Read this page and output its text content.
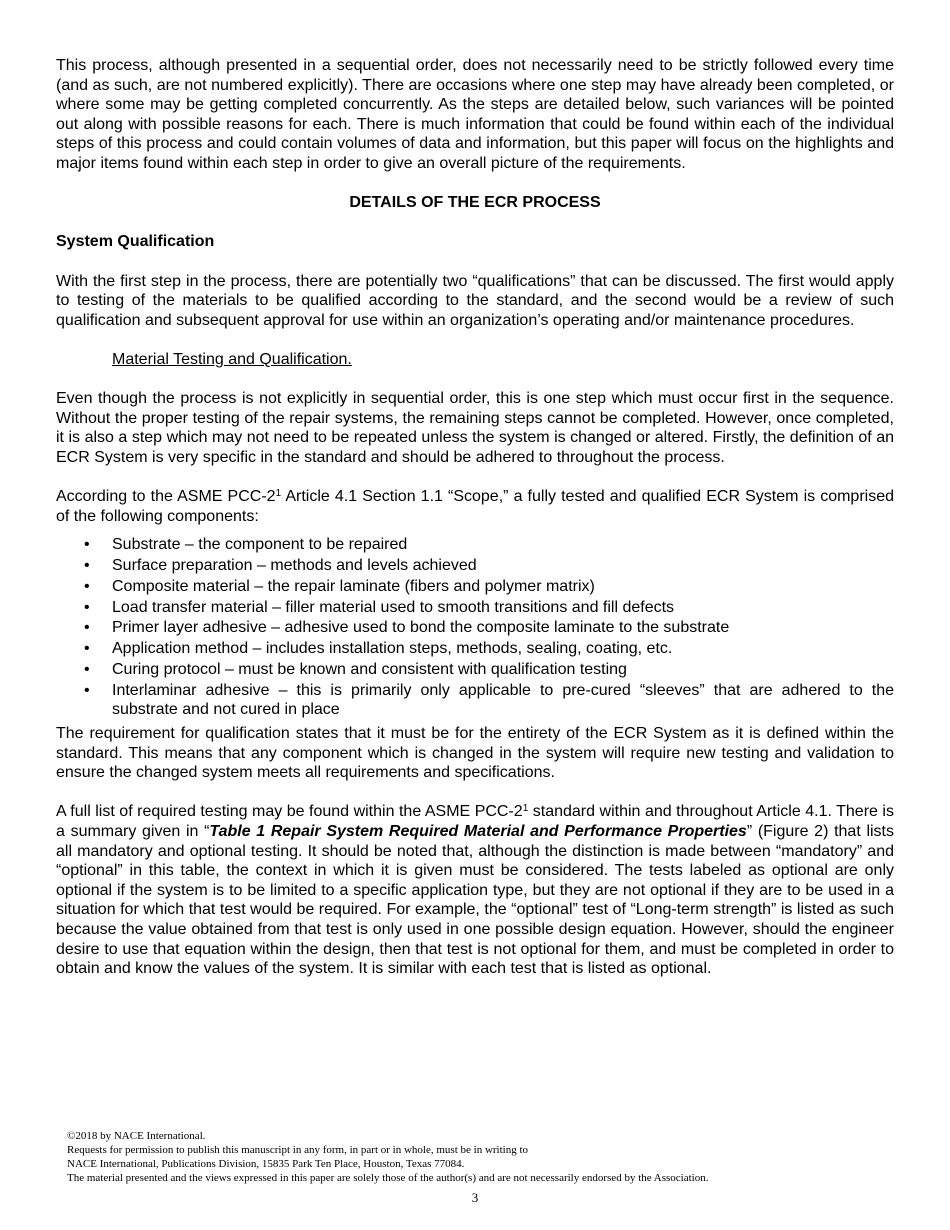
This process, although presented in a sequential order, does not necessarily need to be strictly followed every time (and as such, are not numbered explicitly). There are occasions where one step may have already been completed, or where some may be getting completed concurrently. As the steps are detailed below, such variances will be pointed out along with possible reasons for each. There is much information that could be found within each of the individual steps of this process and could contain volumes of data and information, but this paper will focus on the highlights and major items found within each step in order to give an overall picture of the requirements.

DETAILS OF THE ECR PROCESS

System Qualification

With the first step in the process, there are potentially two “qualifications” that can be discussed. The first would apply to testing of the materials to be qualified according to the standard, and the second would be a review of such qualification and subsequent approval for use within an organization’s operating and/or maintenance procedures.

Material Testing and Qualification.

Even though the process is not explicitly in sequential order, this is one step which must occur first in the sequence. Without the proper testing of the repair systems, the remaining steps cannot be completed. However, once completed, it is also a step which may not need to be repeated unless the system is changed or altered. Firstly, the definition of an ECR System is very specific in the standard and should be adhered to throughout the process.

According to the ASME PCC-$2^1$ Article 4.1 Section 1.1 “Scope,” a fully tested and qualified ECR System is comprised of the following components:

• Substrate – the component to be repaired
• Surface preparation – methods and levels achieved
• Composite material – the repair laminate (fibers and polymer matrix)
• Load transfer material – filler material used to smooth transitions and fill defects
• Primer layer adhesive – adhesive used to bond the composite laminate to the substrate
• Application method – includes installation steps, methods, sealing, coating, etc.
• Curing protocol – must be known and consistent with qualification testing
• Interlaminar adhesive – this is primarily only applicable to pre-cured “sleeves” that are adhered to the substrate and not cured in place

The requirement for qualification states that it must be for the entirety of the ECR System as it is defined within the standard. This means that any component which is changed in the system will require new testing and validation to ensure the changed system meets all requirements and specifications.

A full list of required testing may be found within the ASME PCC-$2^1$ standard within and throughout Article 4.1. There is a summary given in “Table 1 Repair System Required Material and Performance Properties” (Figure 2) that lists all mandatory and optional testing. It should be noted that, although the distinction is made between “mandatory” and “optional” in this table, the context in which it is given must be considered. The tests labeled as optional are only optional if the system is to be limited to a specific application type, but they are not optional if they are to be used in a situation for which that test would be required. For example, the “optional” test of “Long-term strength” is listed as such because the value obtained from that test is only used in one possible design equation. However, should the engineer desire to use that equation within the design, then that test is not optional for them, and must be completed in order to obtain and know the values of the system. It is similar with each test that is listed as optional.

©2018 by NACE International.
Requests for permission to publish this manuscript in any form, in part or in whole, must be in writing to
NACE International, Publications Division, 15835 Park Ten Place, Houston, Texas 77084.
The material presented and the views expressed in this paper are solely those of the author(s) and are not necessarily endorsed by the Association.
3
